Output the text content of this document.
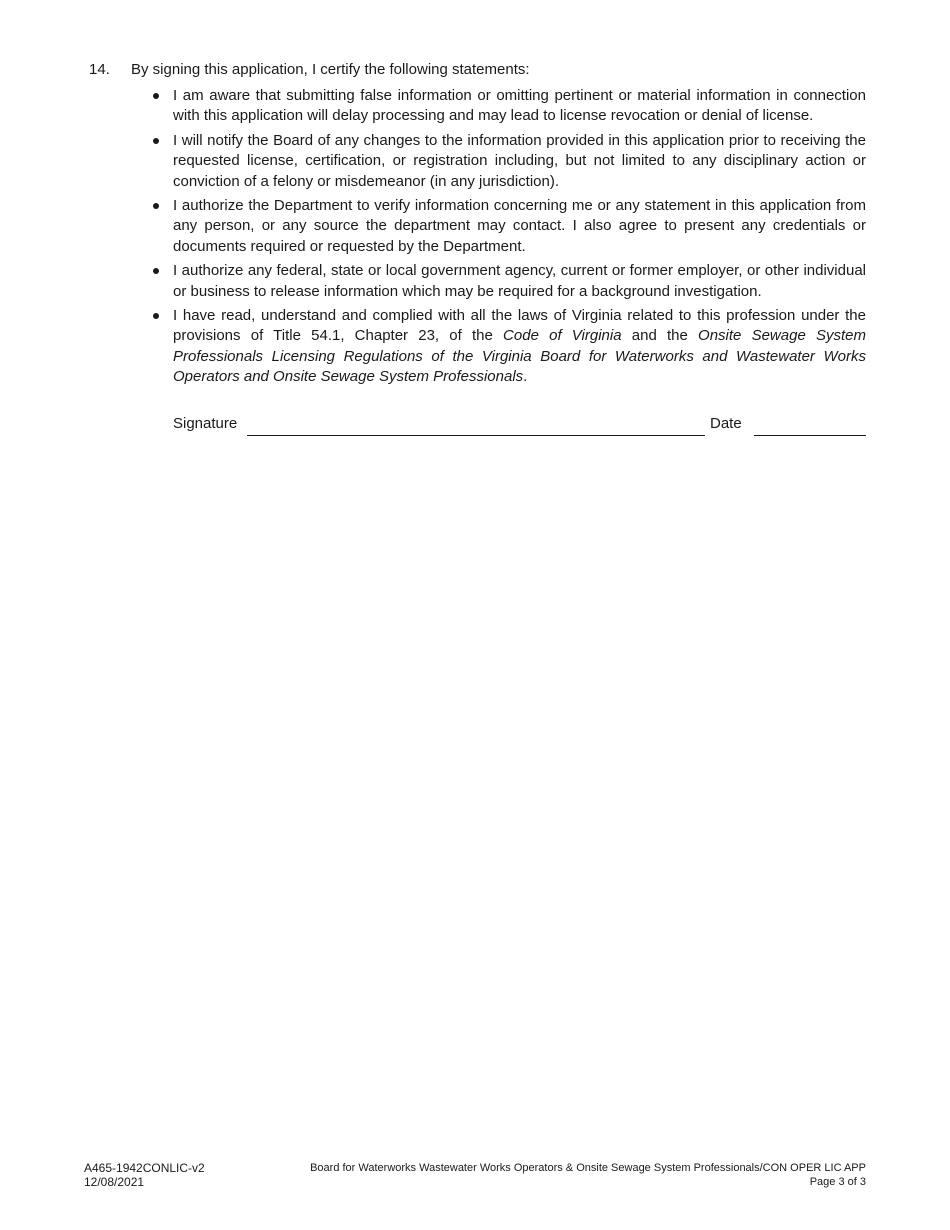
14. By signing this application, I certify the following statements:
I am aware that submitting false information or omitting pertinent or material information in connection with this application will delay processing and may lead to license revocation or denial of license.
I will notify the Board of any changes to the information provided in this application prior to receiving the requested license, certification, or registration including, but not limited to any disciplinary action or conviction of a felony or misdemeanor (in any jurisdiction).
I authorize the Department to verify information concerning me or any statement in this application from any person, or any source the department may contact. I also agree to present any credentials or documents required or requested by the Department.
I authorize any federal, state or local government agency, current or former employer, or other individual or business to release information which may be required for a background investigation.
I have read, understand and complied with all the laws of Virginia related to this profession under the provisions of Title 54.1, Chapter 23, of the Code of Virginia and the Onsite Sewage System Professionals Licensing Regulations of the Virginia Board for Waterworks and Wastewater Works Operators and Onsite Sewage System Professionals.
Signature	Date
A465-1942CONLIC-v2
12/08/2021
Board for Waterworks Wastewater Works Operators & Onsite Sewage System Professionals/CON OPER LIC APP
Page 3 of 3
